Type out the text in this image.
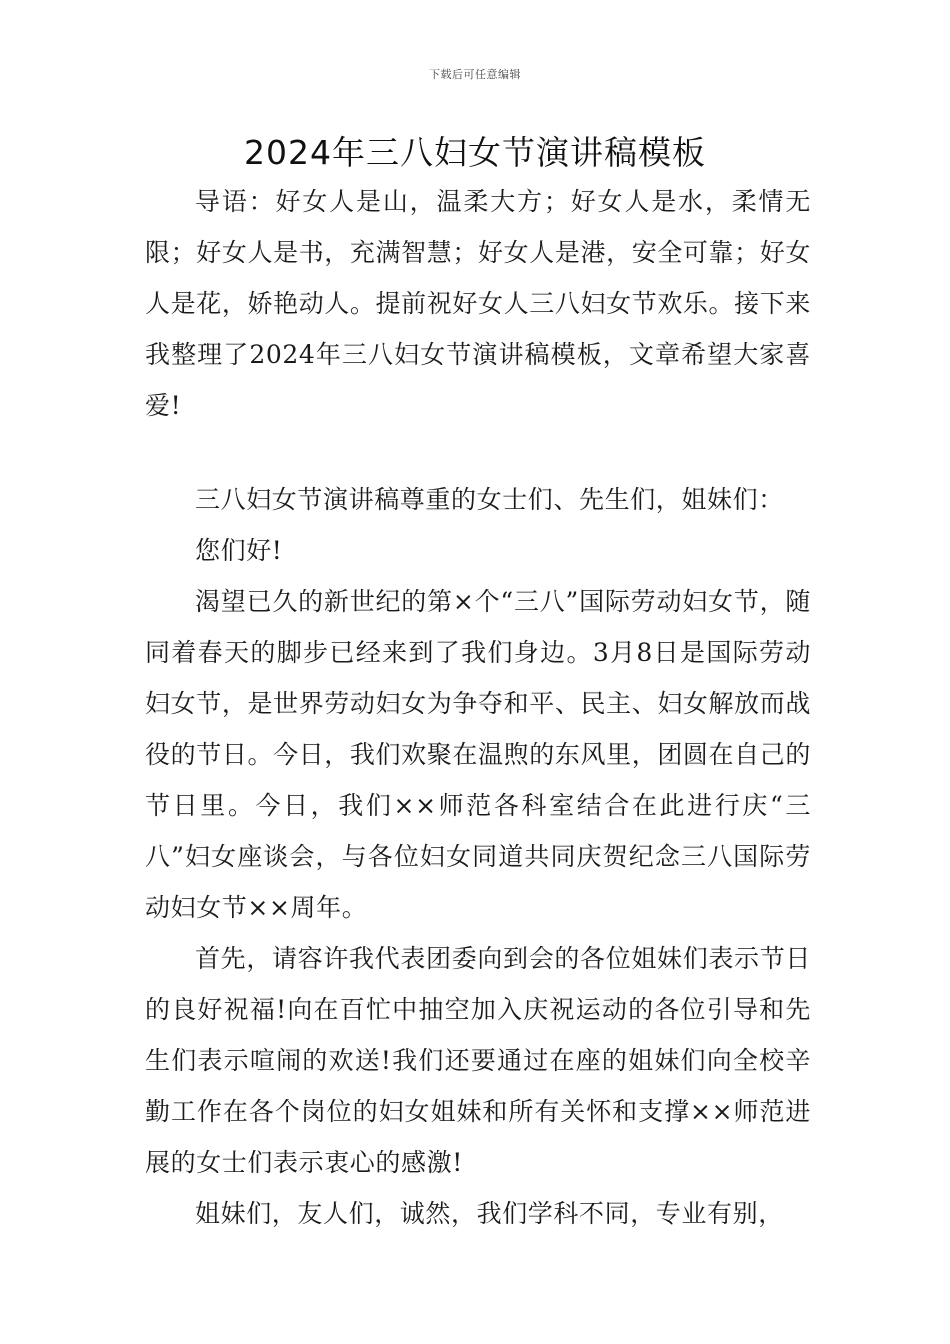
下载后可任意编辑
2024年三八妇女节演讲稿模板

导语：好女人是山，温柔大方；好女人是水，柔情无限；好女人是书，充满智慧；好女人是港，安全可靠；好女人是花，娇艳动人。提前祝好女人三八妇女节欢乐。接下来我整理了2024年三八妇女节演讲稿模板，文章希望大家喜爱!

三八妇女节演讲稿尊重的女士们、先生们，姐妹们：

您们好!

渴望已久的新世纪的第×个“三八”国际劳动妇女节，随同着春天的脚步已经来到了我们身边。3月8日是国际劳动妇女节，是世界劳动妇女为争夺和平、民主、妇女解放而战役的节日。今日，我们欢聚在温煦的东风里，团圆在自己的节日里。今日，我们××师范各科室结合在此进行庆“三八”妇女座谈会，与各位妇女同道共同庆贺纪念三八国际劳动妇女节××周年。

首先，请容许我代表团委向到会的各位姐妹们表示节日的良好祝福!向在百忙中抽空加入庆祝运动的各位引导和先生们表示喧闹的欢送!我们还要通过在座的姐妹们向全校辛勤工作在各个岗位的妇女姐妹和所有关怀和支撑××师范进展的女士们表示衷心的感激!

姐妹们，友人们，诚然，我们学科不同，专业有别，
